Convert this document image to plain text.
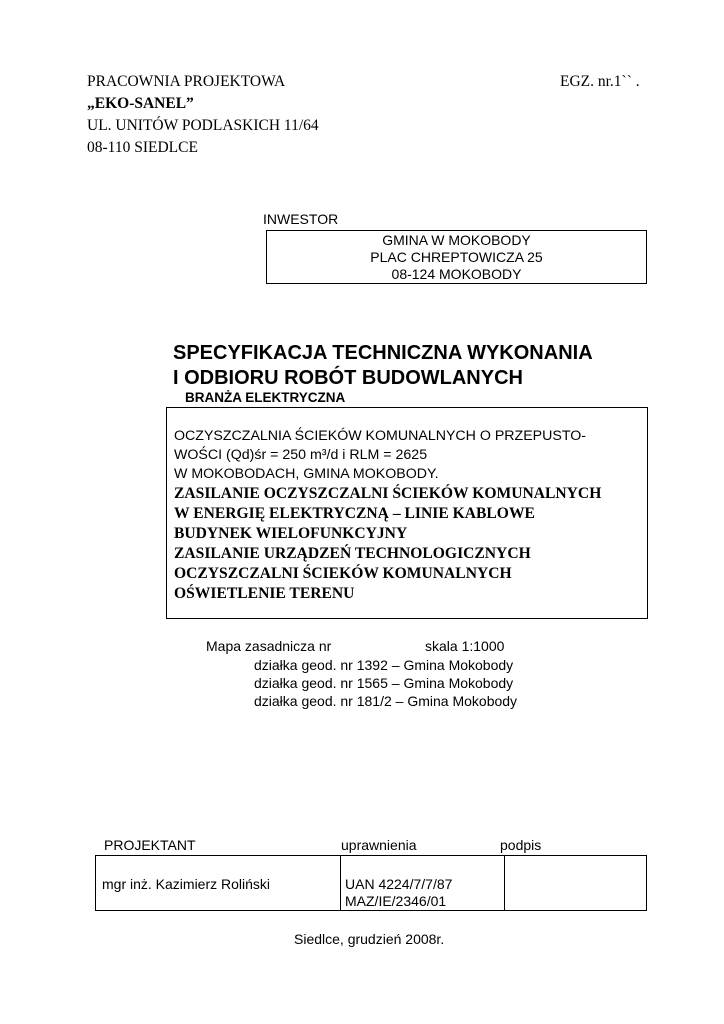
PRACOWNIA PROJEKTOWA
„EKO-SANEL”
UL. UNITÓW PODLASKICH 11/64
08-110 SIEDLCE
EGZ. nr.1`` .
INWESTOR
GMINA W MOKOBODY
PLAC CHREPTOWICZA 25
08-124 MOKOBODY
SPECYFIKACJA TECHNICZNA WYKONANIA
I ODBIORU ROBÓT BUDOWLANYCH
BRANŻA ELEKTRYCZNA
OCZYSZCZALNIA ŚCIEKÓW KOMUNALNYCH O PRZEPUSTO-
WOŚCI (Qd)śr = 250 m³/d i RLM = 2625
W MOKOBODACH, GMINA MOKOBODY.
ZASILANIE OCZYSZCZALNI ŚCIEKÓW KOMUNALNYCH
W ENERGIĘ ELEKTRYCZNĄ – LINIE KABLOWE
BUDYNEK WIELOFUNKCYJNY
ZASILANIE URZĄDZEŃ TECHNOLOGICZNYCH
OCZYSZCZALNI ŚCIEKÓW KOMUNALNYCH
OŚWIETLENIE TERENU
Mapa zasadnicza nr	skala 1:1000
działka geod. nr 1392 – Gmina Mokobody
działka geod. nr 1565 – Gmina Mokobody
działka geod. nr 181/2 – Gmina Mokobody
PROJEKTANT	uprawnienia	podpis
mgr inż. Kazimierz Roliński	UAN 4224/7/7/87
MAZ/IE/2346/01

Siedlce, grudzień 2008r.
